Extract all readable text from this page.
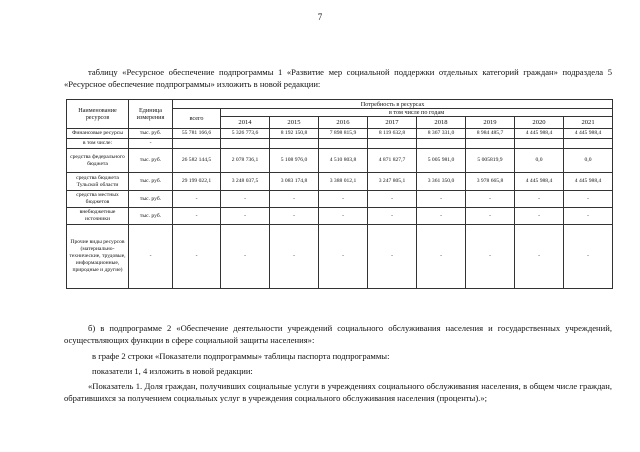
7
таблицу «Ресурсное обеспечение подпрограммы 1 «Развитие мер социальной поддержки отдельных категорий граждан» подраздела 5 «Ресурсное обеспечение подпрограммы» изложить в новой редакции:
Наименование ресурсов	Единица измерения	Потребность в ресурсах								
		всего	в том числе по годам							
			2014	2015	2016	2017	2018	2019	2020	2021
Финансовые ресурсы	тыс. руб.	55 781 166,6	5 326 773,6	8 192 150,8	7 898 815,9	8 119 632,8	8 367 331,0	8 984 485,7	4 445 988,4	4 445 988,4
в том числе:	-									
средства федерального бюджета	тыс. руб.	26 582 144,5	2 078 736,1	5 108 976,0	4 510 803,8	4 871 827,7	5 005 981,0	5 005819,9	0,0	0,0
средства бюджета Тульской области	тыс. руб.	29 199 022,1	3 248 037,5	3 083 174,8	3 388 012,1	3 247 805,1	3 361 350,0	3 978 665,8	4 445 988,4	4 445 988,4
средства местных бюджетов	тыс. руб.	-	-	-	-	-	-	-	-	-
внебюджетные источники	тыс. руб.	-	-	-	-	-	-	-	-	-
Прочие виды ресурсов (материально-технические, трудовые, информационные, природные и другие)	-	-	-	-	-	-	-	-	-	-
б) в подпрограмме 2 «Обеспечение деятельности учреждений социального обслуживания населения и государственных учреждений, осуществляющих функции в сфере социальной защиты населения»:
в графе 2 строки «Показатели подпрограммы» таблицы паспорта подпрограммы:
показатели 1, 4 изложить в новой редакции:
«Показатель 1. Доля граждан, получивших социальные услуги в учреждениях социального обслуживания населения, в общем числе граждан, обратившихся за получением социальных услуг в учреждения социального обслуживания населения (проценты).»;
